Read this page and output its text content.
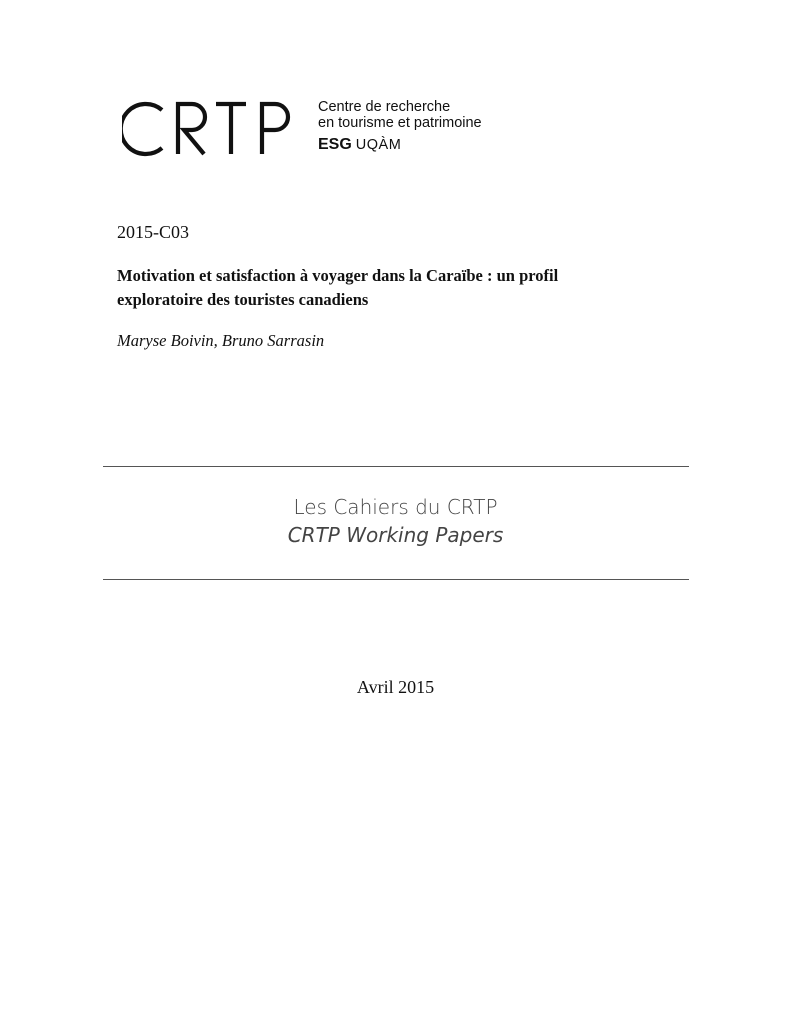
Centre de recherche
en tourisme et patrimoine
ESG UQÀM
2015-C03
Motivation et satisfaction à voyager dans la Caraïbe : un profil exploratoire des touristes canadiens
Maryse Boivin, Bruno Sarrasin
Les Cahiers du CRTP
CRTP Working Papers
Avril 2015
